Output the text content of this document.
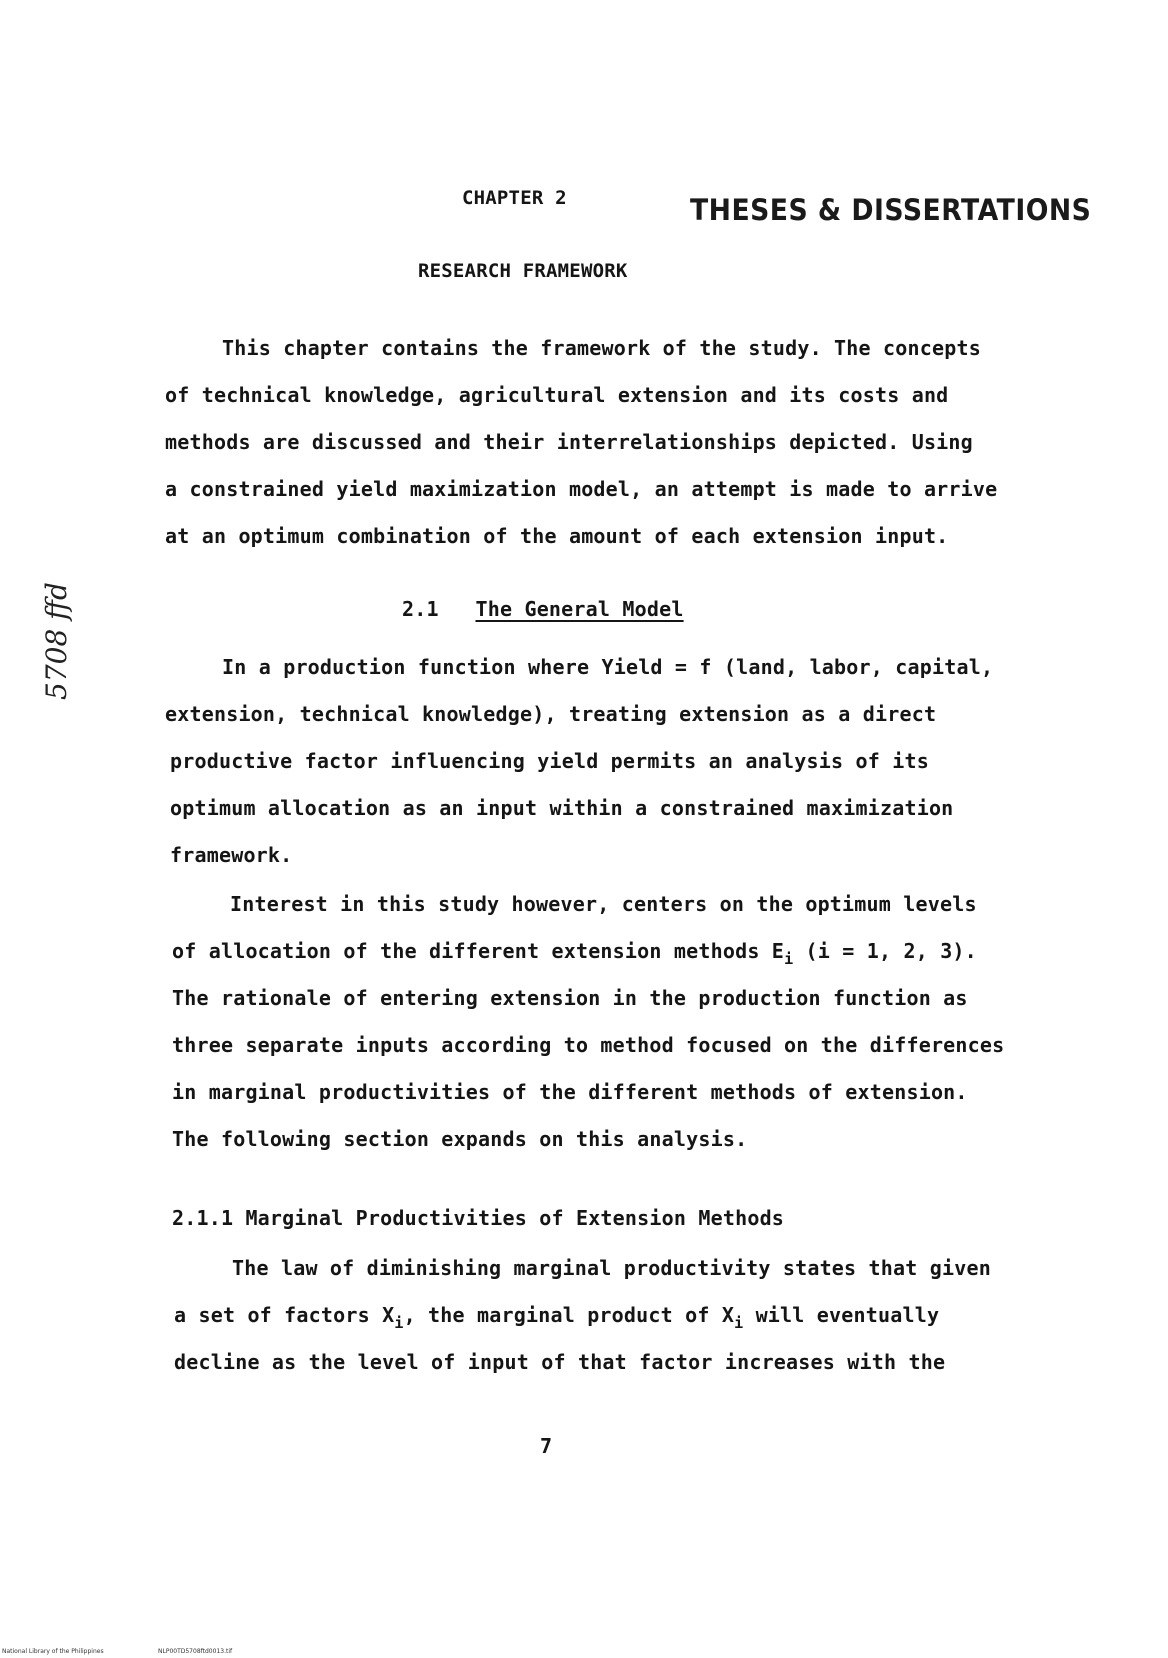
CHAPTER 2	THESES & DISSERTATIONS
RESEARCH FRAMEWORK
This chapter contains the framework of the study. The concepts
of technical knowledge, agricultural extension and its costs and
methods are discussed and their interrelationships depicted. Using
a constrained yield maximization model, an attempt is made to arrive
at an optimum combination of the amount of each extension input.
2.1 The General Model
5708 ffd	In a production function where Yield = f (land, labor, capital,
extension, technical knowledge), treating extension as a direct
productive factor influencing yield permits an analysis of its
optimum allocation as an input within a constrained maximization
framework.
Interest in this study however, centers on the optimum levels
of allocation of the different extension methods $E_i$ (i = 1, 2, 3).
The rationale of entering extension in the production function as
three separate inputs according to method focused on the differences
in marginal productivities of the different methods of extension.
The following section expands on this analysis.
2.1.1 Marginal Productivities of Extension Methods
The law of diminishing marginal productivity states that given
a set of factors $X_i$, the marginal product of $X_i$ will eventually
decline as the level of input of that factor increases with the
7
National Library of the Philippines	NLP00TD5708ftd0013.tif
